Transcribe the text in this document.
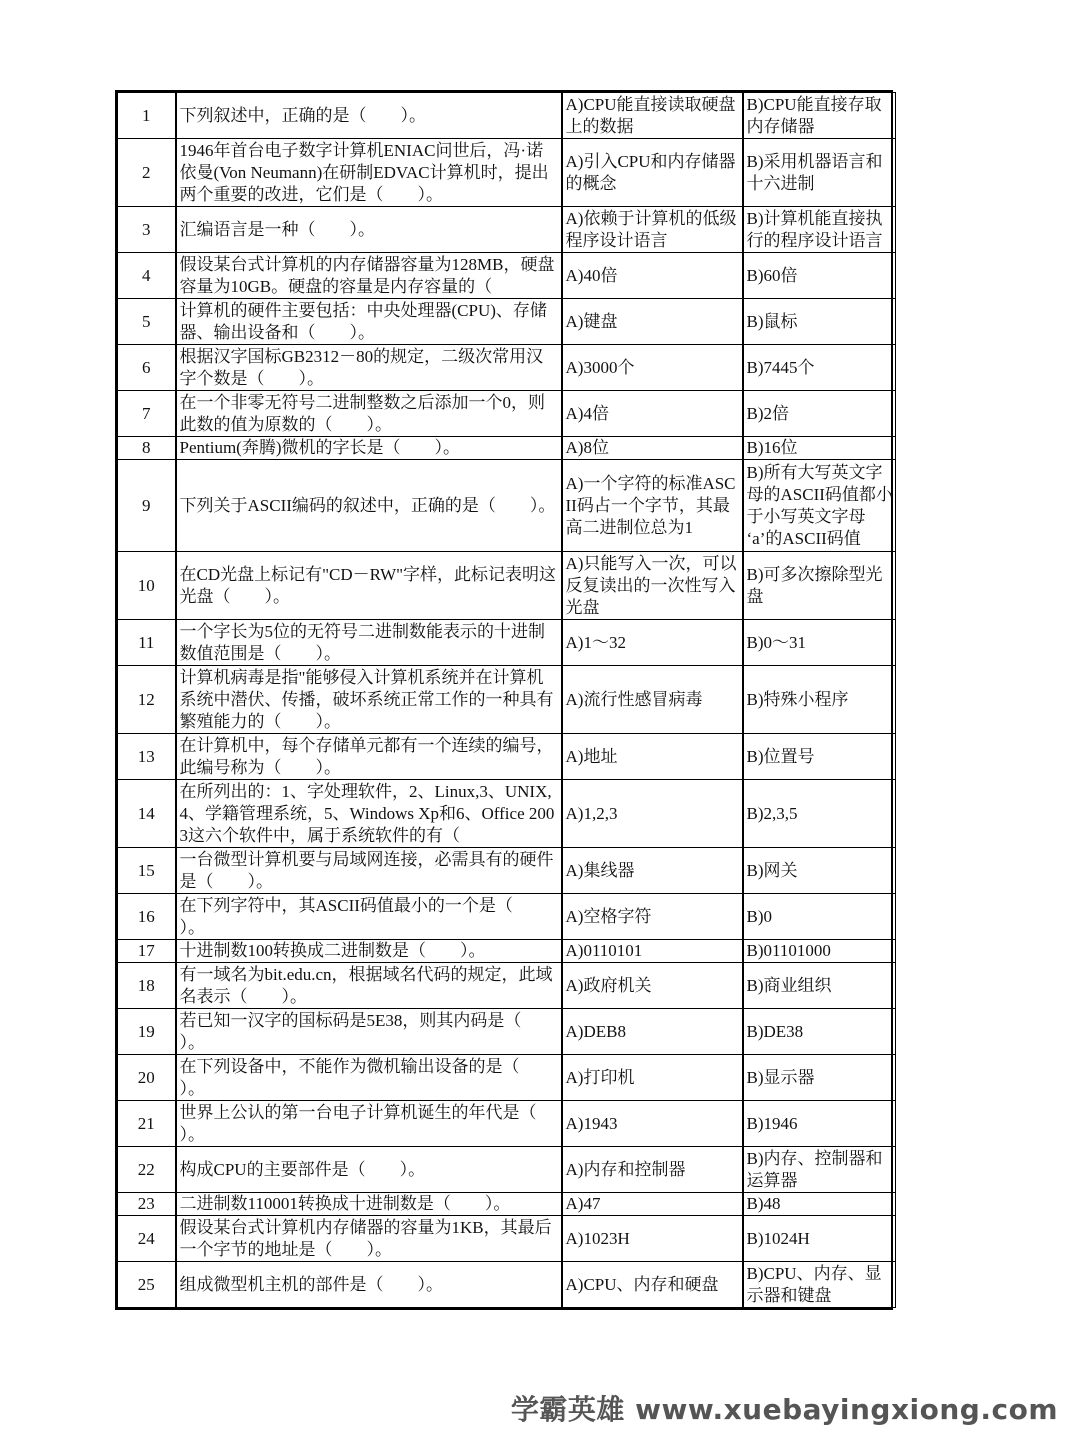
1	下列叙述中，正确的是（　　）。	A)CPU能直接读取硬盘上的数据	B)CPU能直接存取内存储器

2	1946年首台电子数字计算机ENIAC问世后，冯·诺依曼(Von Neumann)在研制EDVAC计算机时，提出两个重要的改进，它们是（　　）。	A)引入CPU和内存储器的概念	B)采用机器语言和十六进制

3	汇编语言是一种（　　）。	A)依赖于计算机的低级程序设计语言	B)计算机能直接执行的程序设计语言

4	假设某台式计算机的内存储器容量为128MB，硬盘容量为10GB。硬盘的容量是内存容量的（	A)40倍	B)60倍

5	计算机的硬件主要包括：中央处理器(CPU)、存储器、输出设备和（　　）。	A)键盘	B)鼠标

6	根据汉字国标GB2312－80的规定，二级次常用汉字个数是（　　）。	A)3000个	B)7445个

7	在一个非零无符号二进制整数之后添加一个0，则此数的值为原数的（　　）。	A)4倍	B)2倍

8	Pentium(奔腾)微机的字长是（　　）。	A)8位	B)16位

9	下列关于ASCII编码的叙述中，正确的是（　　）。	A)一个字符的标准ASCII码占一个字节，其最高二进制位总为1	B)所有大写英文字母的ASCII码值都小于小写英文字母 ‘a’的ASCII码值

10	在CD光盘上标记有"CD－RW"字样，此标记表明这光盘（　　）。	A)只能写入一次，可以反复读出的一次性写入光盘	B)可多次擦除型光盘

11	一个字长为5位的无符号二进制数能表示的十进制数值范围是（　　）。	A)1～32	B)0～31

12	计算机病毒是指"能够侵入计算机系统并在计算机系统中潜伏、传播，破坏系统正常工作的一种具有繁殖能力的（　　）。	A)流行性感冒病毒	B)特殊小程序

13	在计算机中，每个存储单元都有一个连续的编号，此编号称为（　　）。	A)地址	B)位置号

14	在所列出的：1、字处理软件，2、Linux,3、UNIX,4、学籍管理系统，5、Windows Xp和6、Office 2003这六个软件中，属于系统软件的有（	A)1,2,3	B)2,3,5

15	一台微型计算机要与局域网连接，必需具有的硬件是（　　）。	A)集线器	B)网关

16	在下列字符中，其ASCII码值最小的一个是（　　）。	A)空格字符	B)0

17	十进制数100转换成二进制数是（　　）。	A)0110101	B)01101000

18	有一域名为bit.edu.cn，根据域名代码的规定，此域名表示（　　）。	A)政府机关	B)商业组织

19	若已知一汉字的国标码是5E38，则其内码是（　　）。	A)DEB8	B)DE38

20	在下列设备中，不能作为微机输出设备的是（　　）。	A)打印机	B)显示器

21	世界上公认的第一台电子计算机诞生的年代是（　　）。	A)1943	B)1946

22	构成CPU的主要部件是（　　）。	A)内存和控制器	B)内存、控制器和运算器

23	二进制数110001转换成十进制数是（　　）。	A)47	B)48

24	假设某台式计算机内存储器的容量为1KB，其最后一个字节的地址是（　　）。	A)1023H	B)1024H

25	组成微型机主机的部件是（　　）。	A)CPU、内存和硬盘	B)CPU、内存、显示器和键盘
学霸英雄 www.xuebayingxiong.com
